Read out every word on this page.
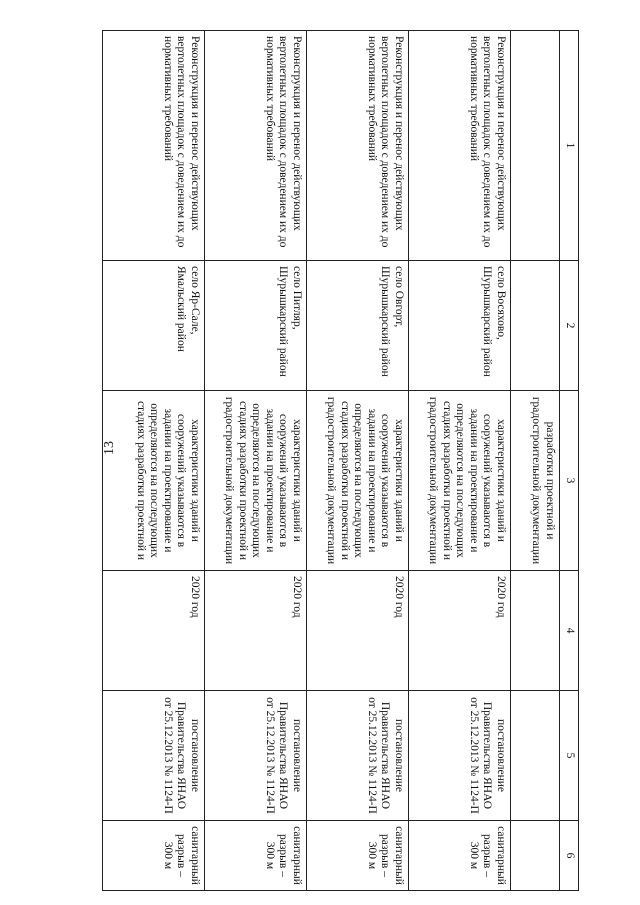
13
1	2	3	4	5	6
		разработки проектной и градостроительной документации			
Реконструкция и перенос действующих вертолетных площадок с доведением их до нормативных требований	село Восяхово, Шурышкарский район	характеристики зданий и сооружений указываются в задании на проектирование и определяются на последующих стадиях разработки проектной и градостроительной документации	2020 год	постановление Правительства ЯНАО от 25.12.2013 № 1124-П	санитарный разрыв – 300 м
Реконструкция и перенос действующих вертолетных площадок с доведением их до нормативных требований	село Овгорт, Шурышкарский район	характеристики зданий и сооружений указываются в задании на проектирование и определяются на последующих стадиях разработки проектной и градостроительной документации	2020 год	постановление Правительства ЯНАО от 25.12.2013 № 1124-П	санитарный разрыв – 300 м
Реконструкция и перенос действующих вертолетных площадок с доведением их до нормативных требований	село Питляр, Шурышкарский район	характеристики зданий и сооружений указываются в задании на проектирование и определяются на последующих стадиях разработки проектной и градостроительной документации	2020 год	постановление Правительства ЯНАО от 25.12.2013 № 1124-П	санитарный разрыв – 300 м
Реконструкция и перенос действующих вертолетных площадок с доведением их до нормативных требований	село Яр-Сале, Ямальский район	характеристики зданий и сооружений указываются в задании на проектирование и определяются на последующих стадиях разработки проектной и	2020 год	постановление Правительства ЯНАО от 25.12.2013 № 1124-П	санитарный разрыв – 300 м
